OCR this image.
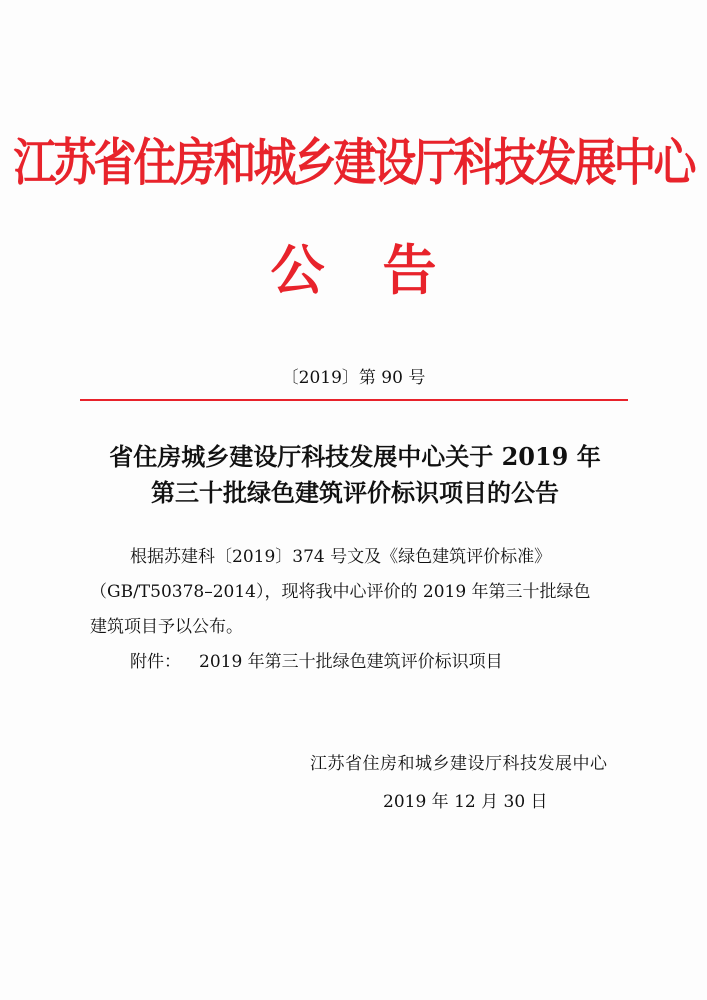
江苏省住房和城乡建设厅科技发展中心
公告
〔2019〕第 90 号
省住房城乡建设厅科技发展中心关于 2019 年
第三十批绿色建筑评价标识项目的公告
根据苏建科〔2019〕374 号文及《绿色建筑评价标准》
（GB/T50378–2014），现将我中心评价的 2019 年第三十批绿色
建筑项目予以公布。
附件： 2019 年第三十批绿色建筑评价标识项目
江苏省住房和城乡建设厅科技发展中心
2019 年 12 月 30 日
